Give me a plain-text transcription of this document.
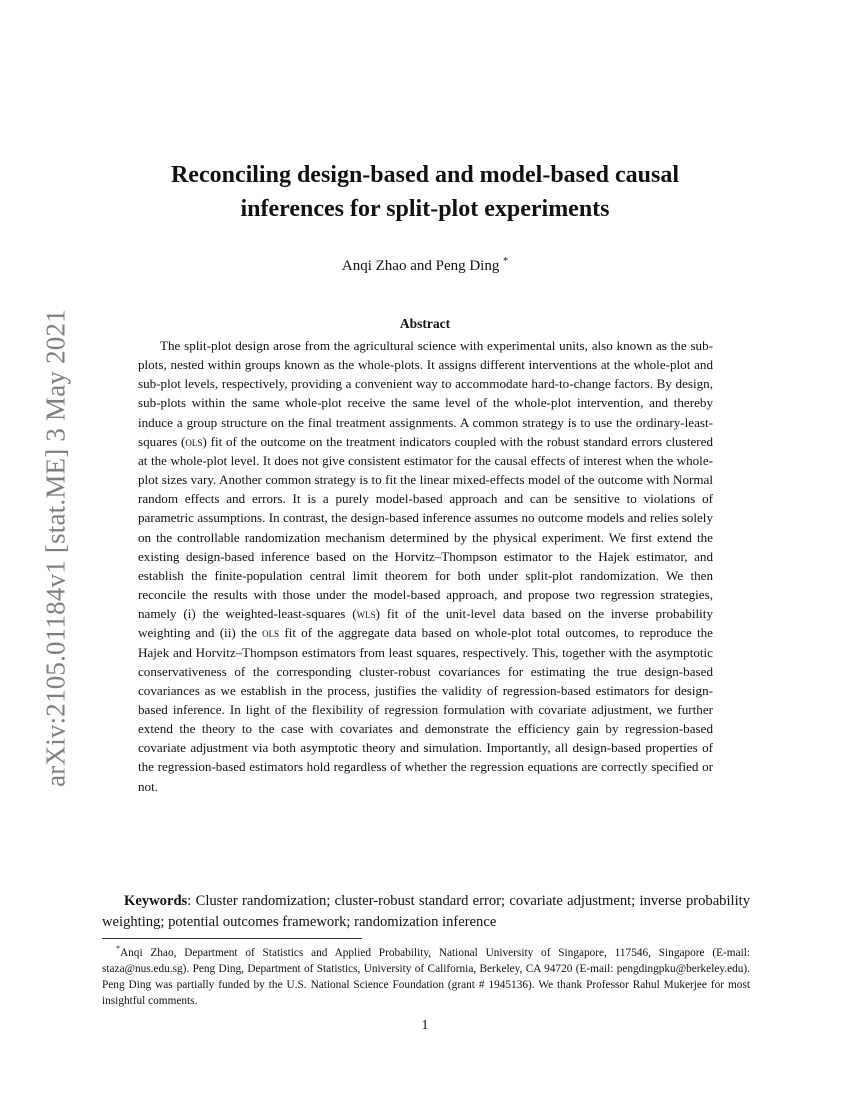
arXiv:2105.01184v1 [stat.ME] 3 May 2021
Reconciling design-based and model-based causal
inferences for split-plot experiments
Anqi Zhao and Peng Ding *
Abstract

The split-plot design arose from the agricultural science with experimental units, also known as the sub-plots, nested within groups known as the whole-plots. It assigns different interventions at the whole-plot and sub-plot levels, respectively, providing a convenient way to accommodate hard-to-change factors. By design, sub-plots within the same whole-plot receive the same level of the whole-plot intervention, and thereby induce a group structure on the final treatment assignments. A common strategy is to use the ordinary-least-squares (ols) fit of the outcome on the treatment indicators coupled with the robust standard errors clustered at the whole-plot level. It does not give consistent estimator for the causal effects of interest when the whole-plot sizes vary. Another common strategy is to fit the linear mixed-effects model of the outcome with Normal random effects and errors. It is a purely model-based approach and can be sensitive to violations of parametric assumptions. In contrast, the design-based inference assumes no outcome models and relies solely on the controllable randomization mechanism determined by the physical experiment. We first extend the existing design-based inference based on the Horvitz–Thompson estimator to the Hajek estimator, and establish the finite-population central limit theorem for both under split-plot randomization. We then reconcile the results with those under the model-based approach, and propose two regression strategies, namely (i) the weighted-least-squares (wls) fit of the unit-level data based on the inverse probability weighting and (ii) the ols fit of the aggregate data based on whole-plot total outcomes, to reproduce the Hajek and Horvitz–Thompson estimators from least squares, respectively. This, together with the asymptotic conservativeness of the corresponding cluster-robust covariances for estimating the true design-based covariances as we establish in the process, justifies the validity of regression-based estimators for design-based inference. In light of the flexibility of regression formulation with covariate adjustment, we further extend the theory to the case with covariates and demonstrate the efficiency gain by regression-based covariate adjustment via both asymptotic theory and simulation. Importantly, all design-based properties of the regression-based estimators hold regardless of whether the regression equations are correctly specified or not.

Keywords: Cluster randomization; cluster-robust standard error; covariate adjustment; inverse probability weighting; potential outcomes framework; randomization inference

*Anqi Zhao, Department of Statistics and Applied Probability, National University of Singapore, 117546, Singapore (E-mail: staza@nus.edu.sg). Peng Ding, Department of Statistics, University of California, Berkeley, CA 94720 (E-mail: pengdingpku@berkeley.edu). Peng Ding was partially funded by the U.S. National Science Foundation (grant # 1945136). We thank Professor Rahul Mukerjee for most insightful comments.

1
